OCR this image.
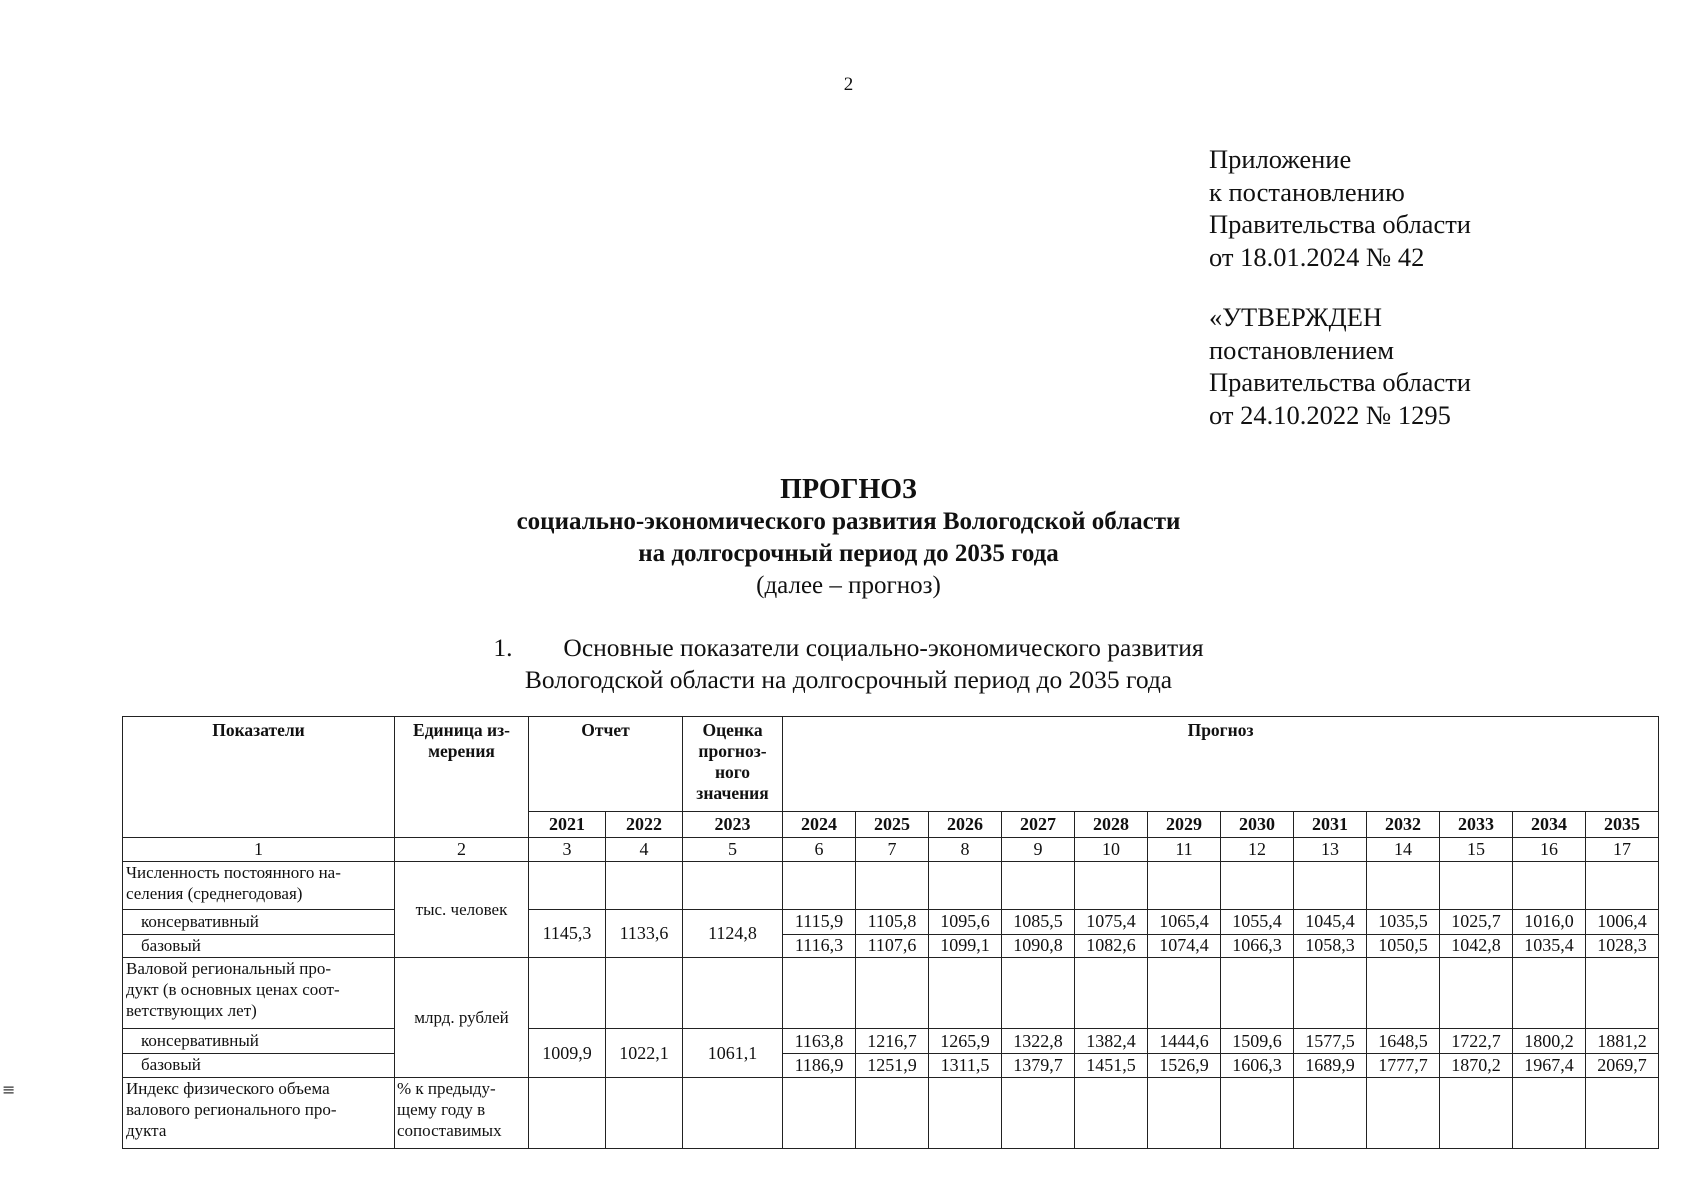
2
Приложение
к постановлению
Правительства области
от 18.01.2024 № 42
«УТВЕРЖДЕН
постановлением
Правительства области
от 24.10.2022 № 1295
ПРОГНОЗ
социально-экономического развития Вологодской области
на долгосрочный период до 2035 года
(далее – прогноз)
1. Основные показатели социально-экономического развития
Вологодской области на долгосрочный период до 2035 года
Показатели	Единица из-
мерения	Отчет		Оценка
прогноз-
ного
значения	Прогноз											
		2021	2022	2023	2024	2025	2026	2027	2028	2029	2030	2031	2032	2033	2034	2035
1	2	3	4	5	6	7	8	9	10	11	12	13	14	15	16	17
Численность постоянного на-
селения (среднегодовая)	тыс. человек															
консервативный		1145,3	1133,6	1124,8	1115,9	1105,8	1095,6	1085,5	1075,4	1065,4	1055,4	1045,4	1035,5	1025,7	1016,0	1006,4
базовый					1116,3	1107,6	1099,1	1090,8	1082,6	1074,4	1066,3	1058,3	1050,5	1042,8	1035,4	1028,3
Валовой региональный про-
дукт (в основных ценах соот-
ветствующих лет)	млрд. рублей															
консервативный		1009,9	1022,1	1061,1	1163,8	1216,7	1265,9	1322,8	1382,4	1444,6	1509,6	1577,5	1648,5	1722,7	1800,2	1881,2
базовый					1186,9	1251,9	1311,5	1379,7	1451,5	1526,9	1606,3	1689,9	1777,7	1870,2	1967,4	2069,7
Индекс физического объема
валового регионального про-
дукта	% к предыду-
щему году в
сопоставимых															
≡
